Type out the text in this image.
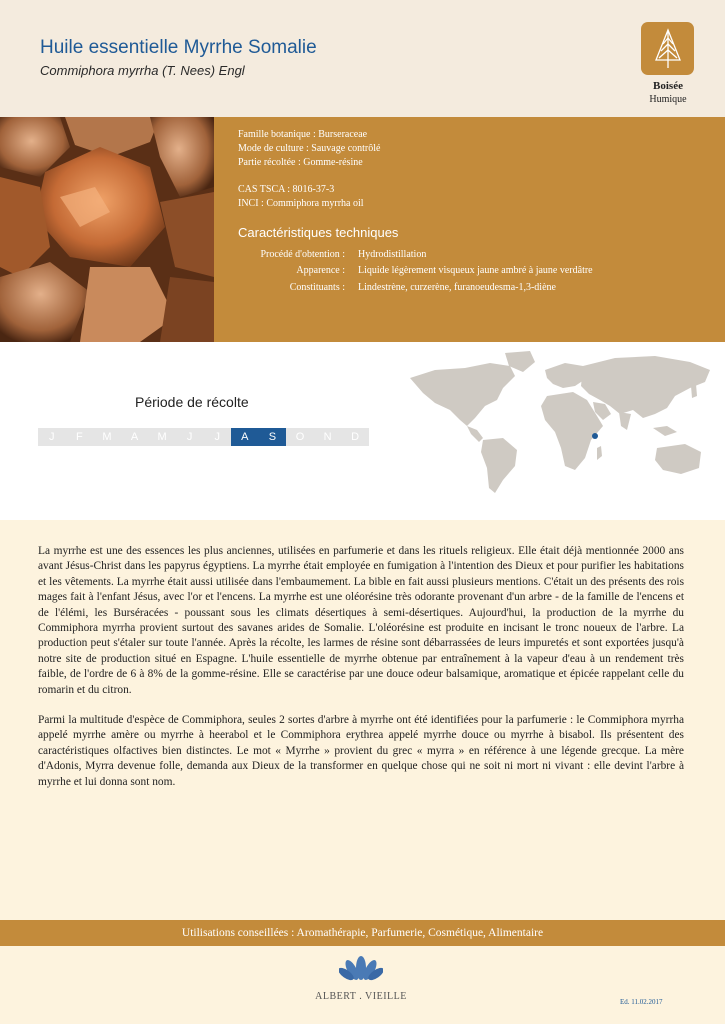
Huile essentielle Myrrhe Somalie
Commiphora myrrha (T. Nees) Engl
Boisée
Humique
Famille botanique : Burseraceae
Mode de culture : Sauvage contrôlé
Partie récoltée : Gomme-résine
CAS TSCA : 8016-37-3
INCI : Commiphora myrrha oil
Caractéristiques techniques
Procédé d'obtention : Hydrodistillation
Apparence : Liquide légèrement visqueux jaune ambré à jaune verdâtre
Constituants : Lindestrène, curzerène, furanoeudesma-1,3-diène
Période de récolte
J	F	M	A	M	J	J	A	S	O	N	D

La myrrhe est une des essences les plus anciennes, utilisées en parfumerie et dans les rituels religieux. Elle était déjà mentionnée 2000 ans avant Jésus-Christ dans les papyrus égyptiens. La myrrhe était employée en fumigation à l'intention des Dieux et pour purifier les habitations et les vêtements. La myrrhe était aussi utilisée dans l'embaumement. La bible en fait aussi plusieurs mentions. C'était un des présents des rois mages fait à l'enfant Jésus, avec l'or et l'encens. La myrrhe est une oléorésine très odorante provenant d'un arbre - de la famille de l'encens et de l'élémi, les Burséracées - poussant sous les climats désertiques à semi-désertiques. Aujourd'hui, la production de la myrrhe du Commiphora myrrha provient surtout des savanes arides de Somalie. L'oléorésine est produite en incisant le tronc noueux de l'arbre. La production peut s'étaler sur toute l'année. Après la récolte, les larmes de résine sont débarrassées de leurs impuretés et sont exportées jusqu'à notre site de production situé en Espagne. L'huile essentielle de myrrhe obtenue par entraînement à la vapeur d'eau à un rendement très faible, de l'ordre de 6 à 8% de la gomme-résine. Elle se caractérise par une douce odeur balsamique, aromatique et épicée rappelant celle du romarin et du citron.

Parmi la multitude d'espèce de Commiphora, seules 2 sortes d'arbre à myrrhe ont été identifiées pour la parfumerie : le Commiphora myrrha appelé myrrhe amère ou myrrhe à heerabol et le Commiphora erythrea appelé myrrhe douce ou myrrhe à bisabol. Ils présentent des caractéristiques olfactives bien distinctes. Le mot « Myrrhe » provient du grec « myrra » en référence à une légende grecque. La mère d'Adonis, Myrra devenue folle, demanda aux Dieux de la transformer en quelque chose qui ne soit ni mort ni vivant : elle devint l'arbre à myrrhe et lui donna sont nom.

Utilisations conseillées : Aromathérapie, Parfumerie, Cosmétique, Alimentaire
ALBERT . VIEILLE	Ed. 11.02.2017
